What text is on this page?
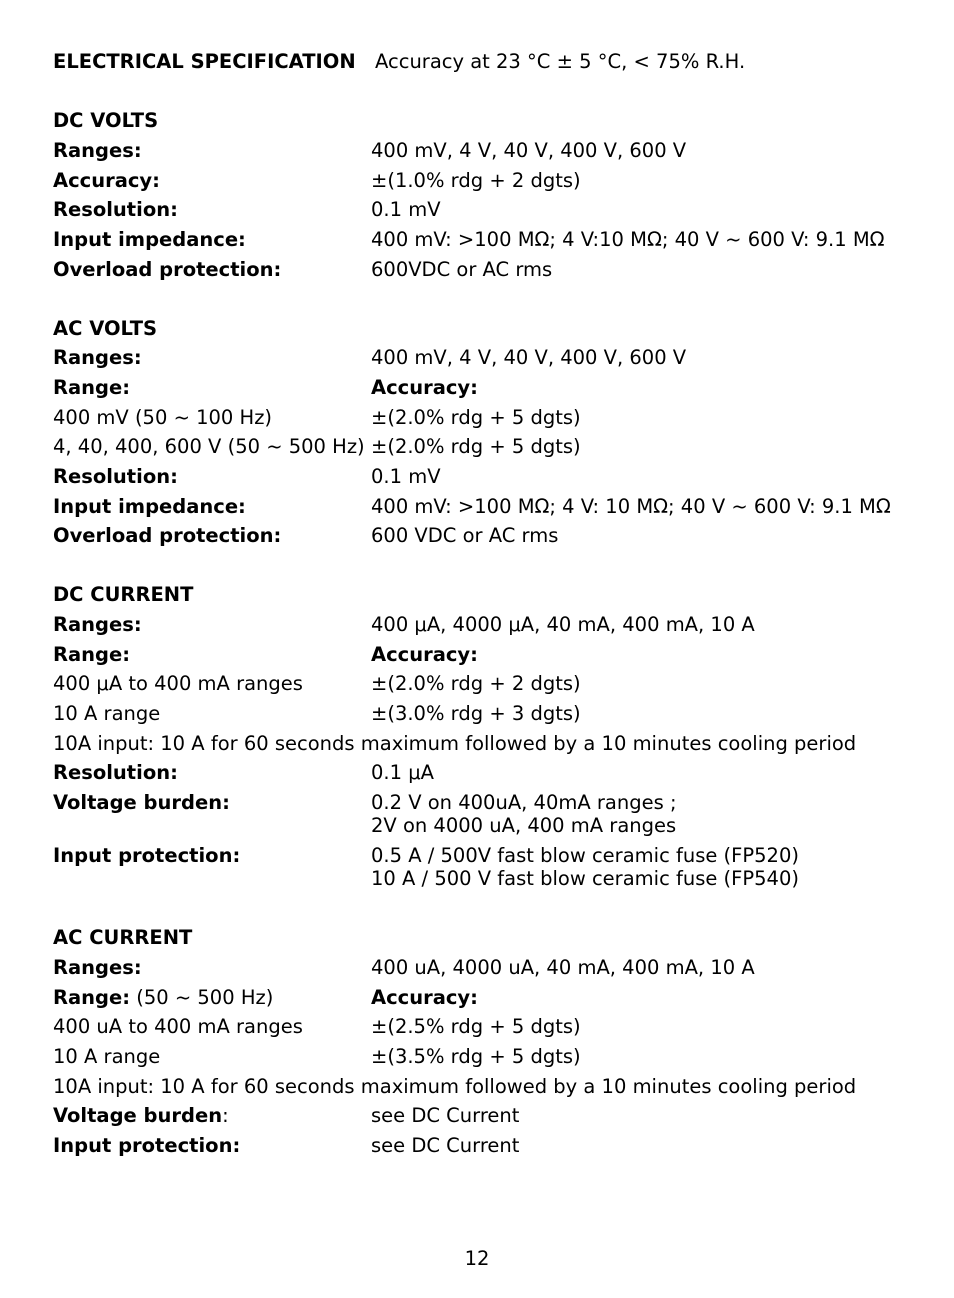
ELECTRICAL SPECIFICATION Accuracy at 23 °C ± 5 °C, < 75% R.H.
DC VOLTS
Ranges:	400 mV, 4 V, 40 V, 400 V, 600 V
Accuracy:	±(1.0% rdg + 2 dgts)
Resolution:	0.1 mV
Input impedance:	400 mV: >100 MΩ; 4 V:10 MΩ; 40 V ~ 600 V: 9.1 MΩ
Overload protection:	600VDC or AC rms
AC VOLTS
Ranges:	400 mV, 4 V, 40 V, 400 V, 600 V
Range:	Accuracy:
400 mV (50 ~ 100 Hz)	±(2.0% rdg + 5 dgts)
4, 40, 400, 600 V (50 ~ 500 Hz) ±(2.0% rdg + 5 dgts)
Resolution:	0.1 mV
Input impedance:	400 mV: >100 MΩ; 4 V: 10 MΩ; 40 V ~ 600 V: 9.1 MΩ
Overload protection:	600 VDC or AC rms
DC CURRENT
Ranges:	400 μA, 4000 μA, 40 mA, 400 mA, 10 A
Range:	Accuracy:
400 μA to 400 mA ranges	±(2.0% rdg + 2 dgts)
10 A range	±(3.0% rdg + 3 dgts)
10A input: 10 A for 60 seconds maximum followed by a 10 minutes cooling period
Resolution:	0.1 μA
Voltage burden:	0.2 V on 400uA, 40mA ranges ;
2V on 4000 uA, 400 mA ranges
Input protection:	0.5 A / 500V fast blow ceramic fuse (FP520)
10 A / 500 V fast blow ceramic fuse (FP540)
AC CURRENT
Ranges:	400 uA, 4000 uA, 40 mA, 400 mA, 10 A
Range: (50 ~ 500 Hz)	Accuracy:
400 uA to 400 mA ranges	±(2.5% rdg + 5 dgts)
10 A range	±(3.5% rdg + 5 dgts)
10A input: 10 A for 60 seconds maximum followed by a 10 minutes cooling period
Voltage burden:	see DC Current
Input protection:	see DC Current
12
